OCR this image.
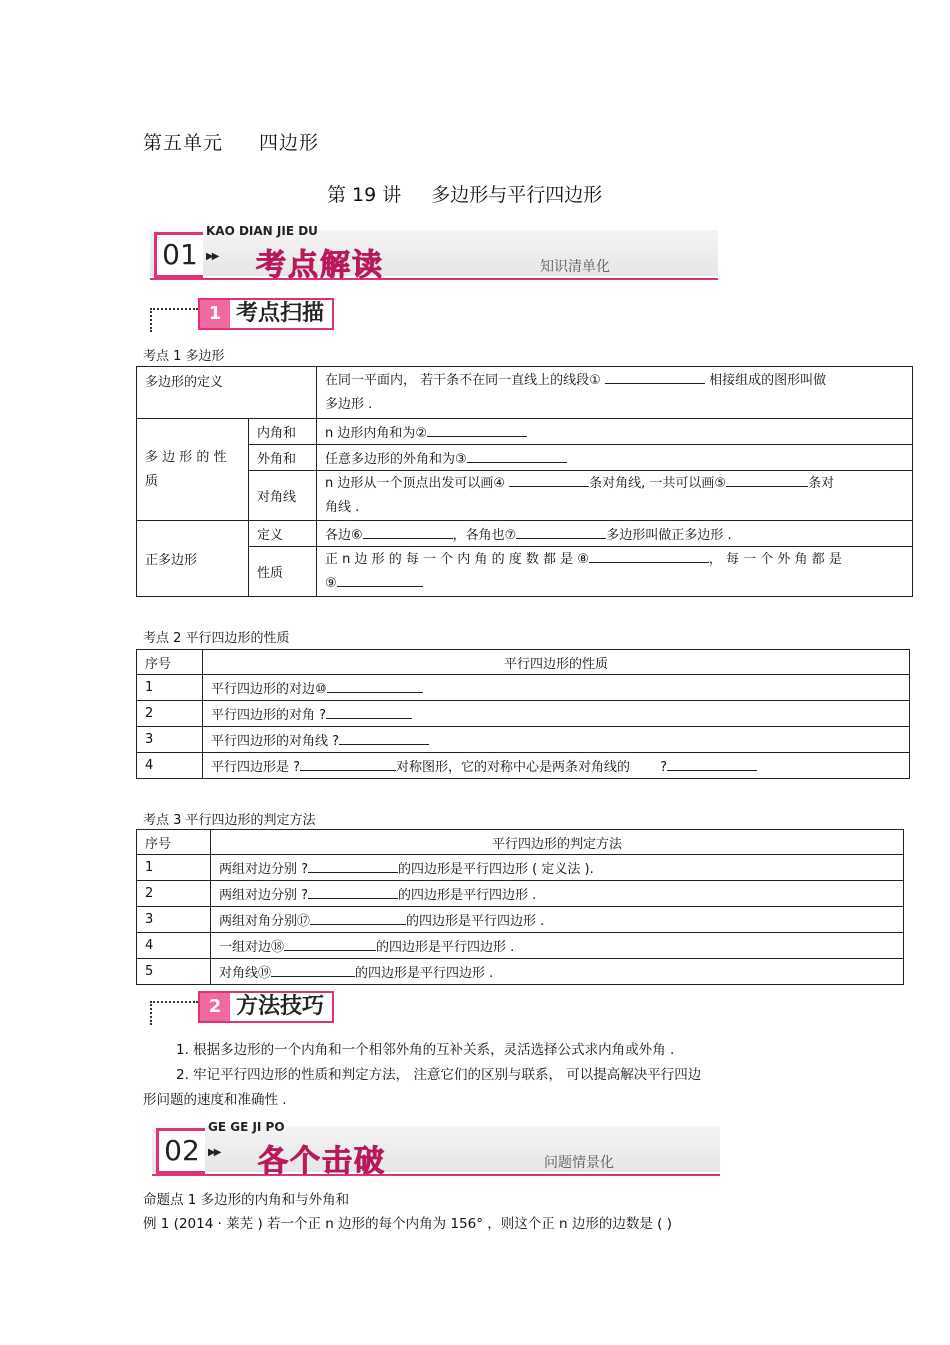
第五单元 四边形
第 19 讲 多边形与平行四边形
01
KAO DIAN JIE DU
▶▶ 考点解读	知识清单化
1 考点扫描
考点 1 多边形
多边形的定义		在同一平面内， 若干条不在同一直线上的线段① 相接组成的图形叫做
多边形 .
多 边 形 的 性 质	内角和	n 边形内角和为②
	外角和	任意多边形的外角和为③
	对角线	n 边形从一个顶点出发可以画④ 条对角线, 一共可以画⑤ 条对
角线 .
正多边形	定义	各边⑥ ，各角也⑦ 多边形叫做正多边形 .
	性质	正 n 边 形 的 每 一 个 内 角 的 度 数 都 是 ⑧ ， 每 一 个 外 角 都 是
⑨
考点 2 平行四边形的性质
序号	平行四边形的性质
1	平行四边形的对边⑩
2	平行四边形的对角 ?
3	平行四边形的对角线 ?
4	平行四边形是 ? 对称图形，它的对称中心是两条对角线的 ?
考点 3 平行四边形的判定方法
序号	平行四边形的判定方法
1	两组对边分别 ? 的四边形是平行四边形 ( 定义法 ).
2	两组对边分别 ? 的四边形是平行四边形 .
3	两组对角分别⑰ 的四边形是平行四边形 .
4	一组对边⑱ 的四边形是平行四边形 .
5	对角线⑲ 的四边形是平行四边形 .
2 方法技巧
1. 根据多边形的一个内角和一个相邻外角的互补关系，灵活选择公式求内角或外角 .
2. 牢记平行四边形的性质和判定方法， 注意它们的区别与联系， 可以提高解决平行四边
形问题的速度和准确性 .
02
GE GE JI PO
▶▶ 各个击破	问题情景化
命题点 1 多边形的内角和与外角和
例 1 (2014 · 莱芜 ) 若一个正 n 边形的每个内角为 156° ，则这个正 n 边形的边数是 ( )
